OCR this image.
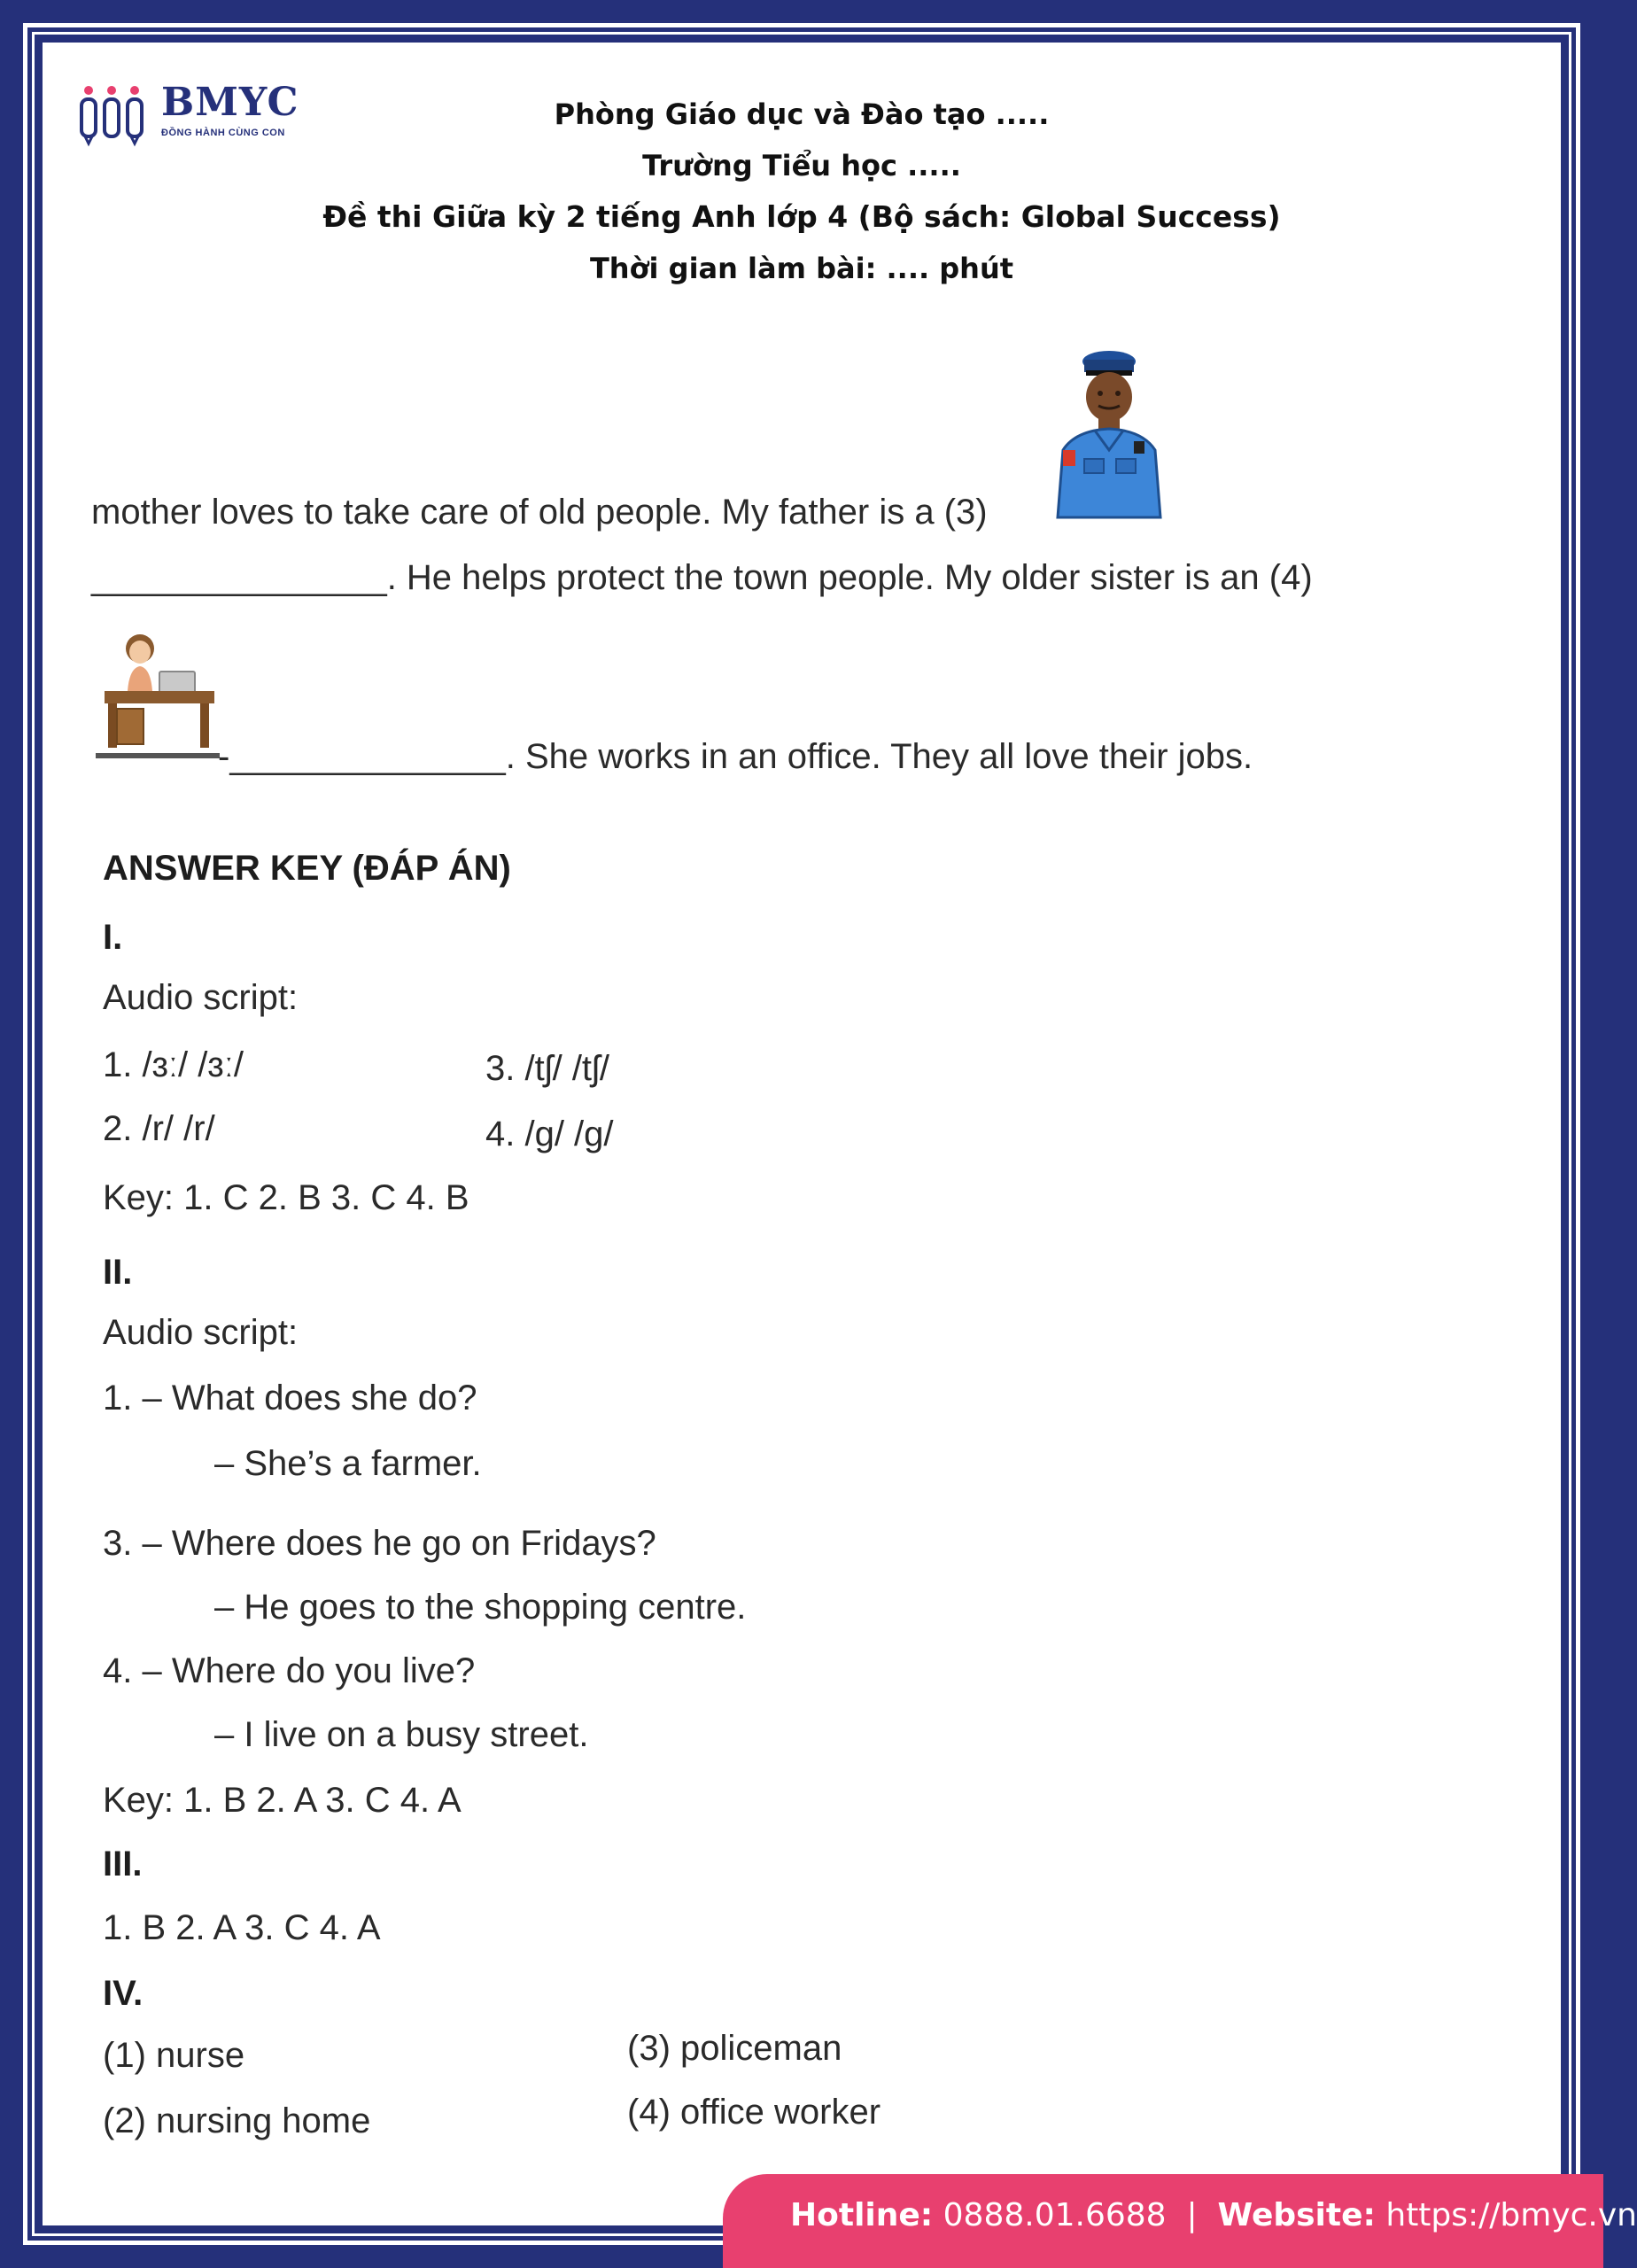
BMYC
ĐỒNG HÀNH CÙNG CON
Phòng Giáo dục và Đào tạo .....
Trường Tiểu học .....
Đề thi Giữa kỳ 2 tiếng Anh lớp 4 (Bộ sách: Global Success)
Thời gian làm bài: .... phút
mother loves to take care of old people. My father is a (3)
_______________. He helps protect the town people. My older sister is an (4)
-______________. She works in an office. They all love their jobs.
ANSWER KEY (ĐÁP ÁN)
I.
Audio script:
1. /ɜː/ /ɜː/
2. /r/ /r/
3. /tʃ/ /tʃ/
4. /g/ /g/
Key: 1. C 2. B 3. C 4. B
II.
Audio script:
1. – What does she do?
– She’s a farmer.
3. – Where does he go on Fridays?
– He goes to the shopping centre.
4. – Where do you live?
– I live on a busy street.
Key: 1. B 2. A 3. C 4. A
III.
1. B 2. A 3. C 4. A
IV.
(1) nurse
(2) nursing home
(3) policeman
(4) office worker
Hotline: 0888.01.6688 | Website: https://bmyc.vn
